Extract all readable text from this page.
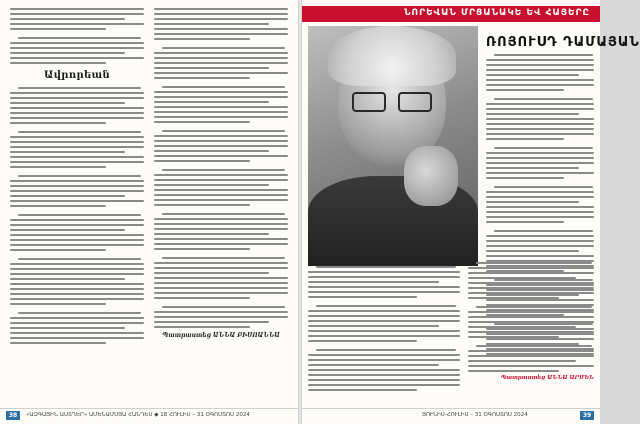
Ավրորեան
Պատրաստեց ԱՆՆԱ ԲԻՍՈԱՆՆԱ
38	«ԱԶԳԱՅԻՆ ԱՍՏՂԵՐ» ԱՄԵՆԱՄՍՅԱ ՀԱՆԴԵՍ ◆ 18 ՀՈՒԼԻՍ – 31 ՕԳՈՍՏՈՍ 2024
ՆՈՐԵՎԱՆ ՄՐՑԱՆԱԿԵ ԵՎ ՀԱՅԵՐԸ
ՌՈՅՈՒՍԴ ԴԱՄԱՅԱՆ
Պատրաստեց ԱՆՆԱ ԱՐՄԵՆ
ՅՈՒՆԻՍ-ՀՈՒԼԻՍ – 31 ՕԳՈՍՏՈՍ 2024	39
